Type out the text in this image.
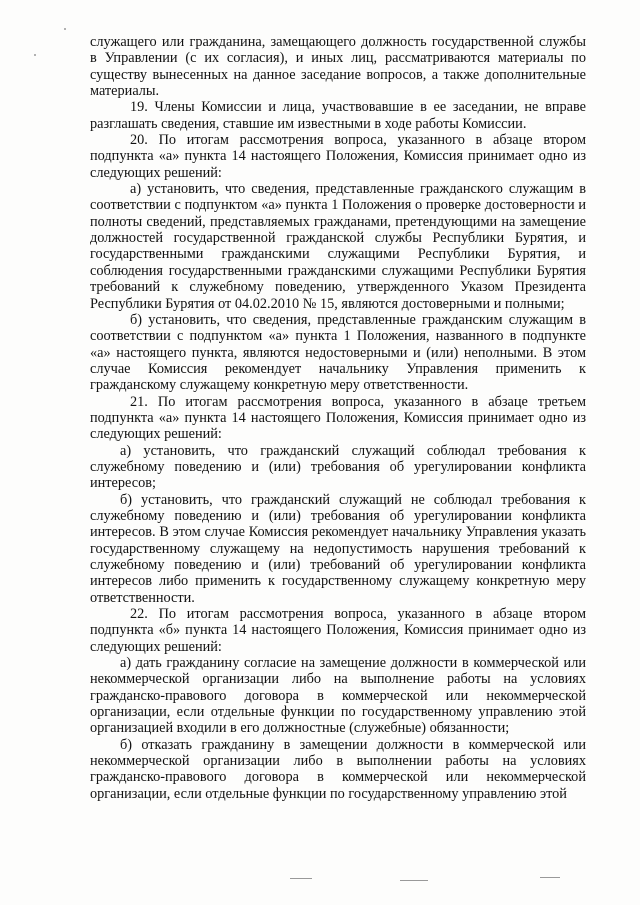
служащего или гражданина, замещающего должность государственной службы в Управлении (с их согласия), и иных лиц, рассматриваются материалы по существу вынесенных на данное заседание вопросов, а также дополнительные материалы.

19. Члены Комиссии и лица, участвовавшие в ее заседании, не вправе разглашать сведения, ставшие им известными в ходе работы Комиссии.

20. По итогам рассмотрения вопроса, указанного в абзаце втором подпункта «а» пункта 14 настоящего Положения, Комиссия принимает одно из следующих решений:

а) установить, что сведения, представленные гражданского служащим в соответствии с подпунктом «а» пункта 1 Положения о проверке достоверности и полноты сведений, представляемых гражданами, претендующими на замещение должностей государственной гражданской службы Республики Бурятия, и государственными гражданскими служащими Республики Бурятия, и соблюдения государственными гражданскими служащими Республики Бурятия требований к служебному поведению, утвержденного Указом Президента Республики Бурятия от 04.02.2010 № 15, являются достоверными и полными;

б) установить, что сведения, представленные гражданским служащим в соответствии с подпунктом «а» пункта 1 Положения, названного в подпункте «а» настоящего пункта, являются недостоверными и (или) неполными. В этом случае Комиссия рекомендует начальнику Управления применить к гражданскому служащему конкретную меру ответственности.

21. По итогам рассмотрения вопроса, указанного в абзаце третьем подпункта «а» пункта 14 настоящего Положения, Комиссия принимает одно из следующих решений:

а) установить, что гражданский служащий соблюдал требования к служебному поведению и (или) требования об урегулировании конфликта интересов;

б) установить, что гражданский служащий не соблюдал требования к служебному поведению и (или) требования об урегулировании конфликта интересов. В этом случае Комиссия рекомендует начальнику Управления указать государственному служащему на недопустимость нарушения требований к служебному поведению и (или) требований об урегулировании конфликта интересов либо применить к государственному служащему конкретную меру ответственности.

22. По итогам рассмотрения вопроса, указанного в абзаце втором подпункта «б» пункта 14 настоящего Положения, Комиссия принимает одно из следующих решений:

а) дать гражданину согласие на замещение должности в коммерческой или некоммерческой организации либо на выполнение работы на условиях гражданско-правового договора в коммерческой или некоммерческой организации, если отдельные функции по государственному управлению этой организацией входили в его должностные (служебные) обязанности;

б) отказать гражданину в замещении должности в коммерческой или некоммерческой организации либо в выполнении работы на условиях гражданско-правового договора в коммерческой или некоммерческой организации, если отдельные функции по государственному управлению этой
